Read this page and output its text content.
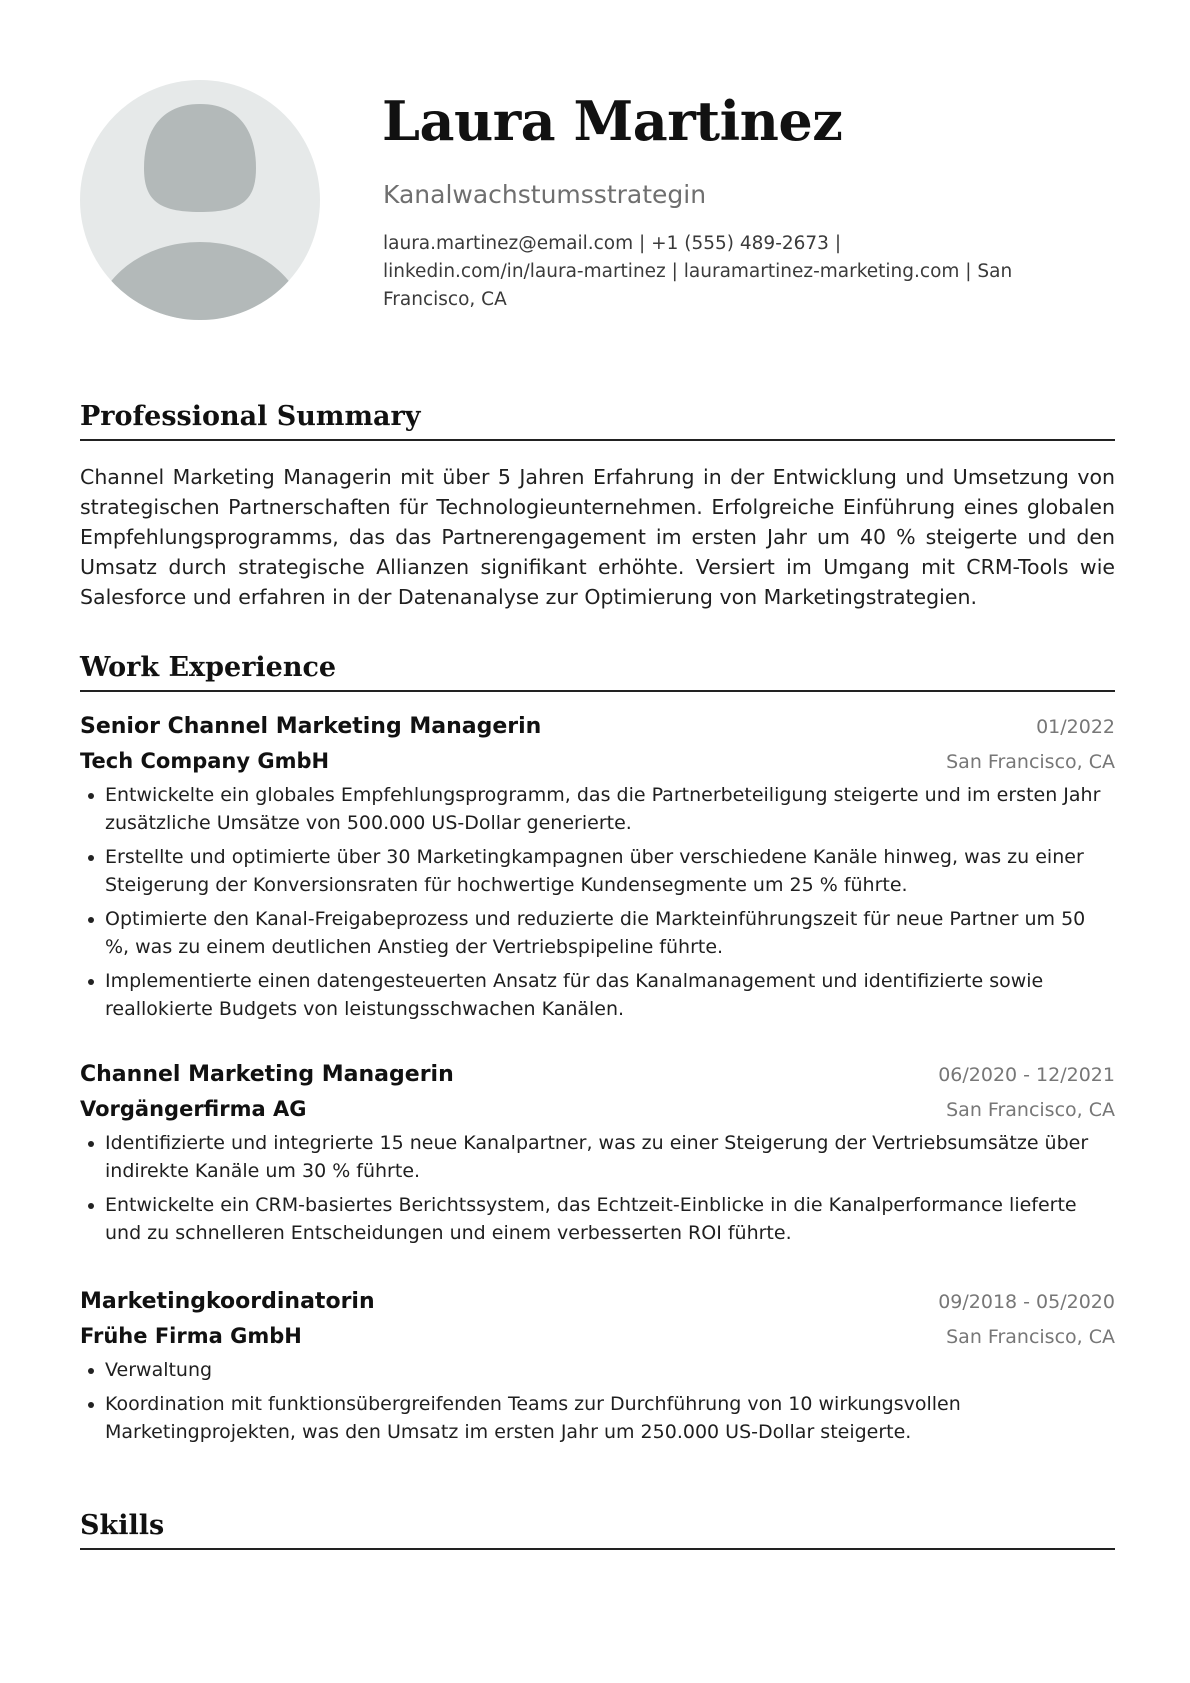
Laura Martinez
Kanalwachstumsstrategin
laura.martinez@email.com | +1 (555) 489-2673 | linkedin.com/in/laura-martinez | lauramartinez-marketing.com | San Francisco, CA
Professional Summary

Channel Marketing Managerin mit über 5 Jahren Erfahrung in der Entwicklung und Umsetzung von strategischen Partnerschaften für Technologieunternehmen. Erfolgreiche Einführung eines globalen Empfehlungsprogramms, das das Partnerengagement im ersten Jahr um 40 % steigerte und den Umsatz durch strategische Allianzen signifikant erhöhte. Versiert im Umgang mit CRM-Tools wie Salesforce und erfahren in der Datenanalyse zur Optimierung von Marketingstrategien.

Work Experience
Senior Channel Marketing Managerin	01/2022
Tech Company GmbH	San Francisco, CA
Entwickelte ein globales Empfehlungsprogramm, das die Partnerbeteiligung steigerte und im ersten Jahr zusätzliche Umsätze von 500.000 US-Dollar generierte.
Erstellte und optimierte über 30 Marketingkampagnen über verschiedene Kanäle hinweg, was zu einer Steigerung der Konversionsraten für hochwertige Kundensegmente um 25 % führte.
Optimierte den Kanal-Freigabeprozess und reduzierte die Markteinführungszeit für neue Partner um 50 %, was zu einem deutlichen Anstieg der Vertriebspipeline führte.
Implementierte einen datengesteuerten Ansatz für das Kanalmanagement und identifizierte sowie reallokierte Budgets von leistungsschwachen Kanälen.
Channel Marketing Managerin	06/2020 - 12/2021
Vorgängerfirma AG	San Francisco, CA
Identifizierte und integrierte 15 neue Kanalpartner, was zu einer Steigerung der Vertriebsumsätze über indirekte Kanäle um 30 % führte.
Entwickelte ein CRM-basiertes Berichtssystem, das Echtzeit-Einblicke in die Kanalperformance lieferte und zu schnelleren Entscheidungen und einem verbesserten ROI führte.
Marketingkoordinatorin	09/2018 - 05/2020
Frühe Firma GmbH	San Francisco, CA
Verwaltung
Koordination mit funktionsübergreifenden Teams zur Durchführung von 10 wirkungsvollen Marketingprojekten, was den Umsatz im ersten Jahr um 250.000 US-Dollar steigerte.
Skills
